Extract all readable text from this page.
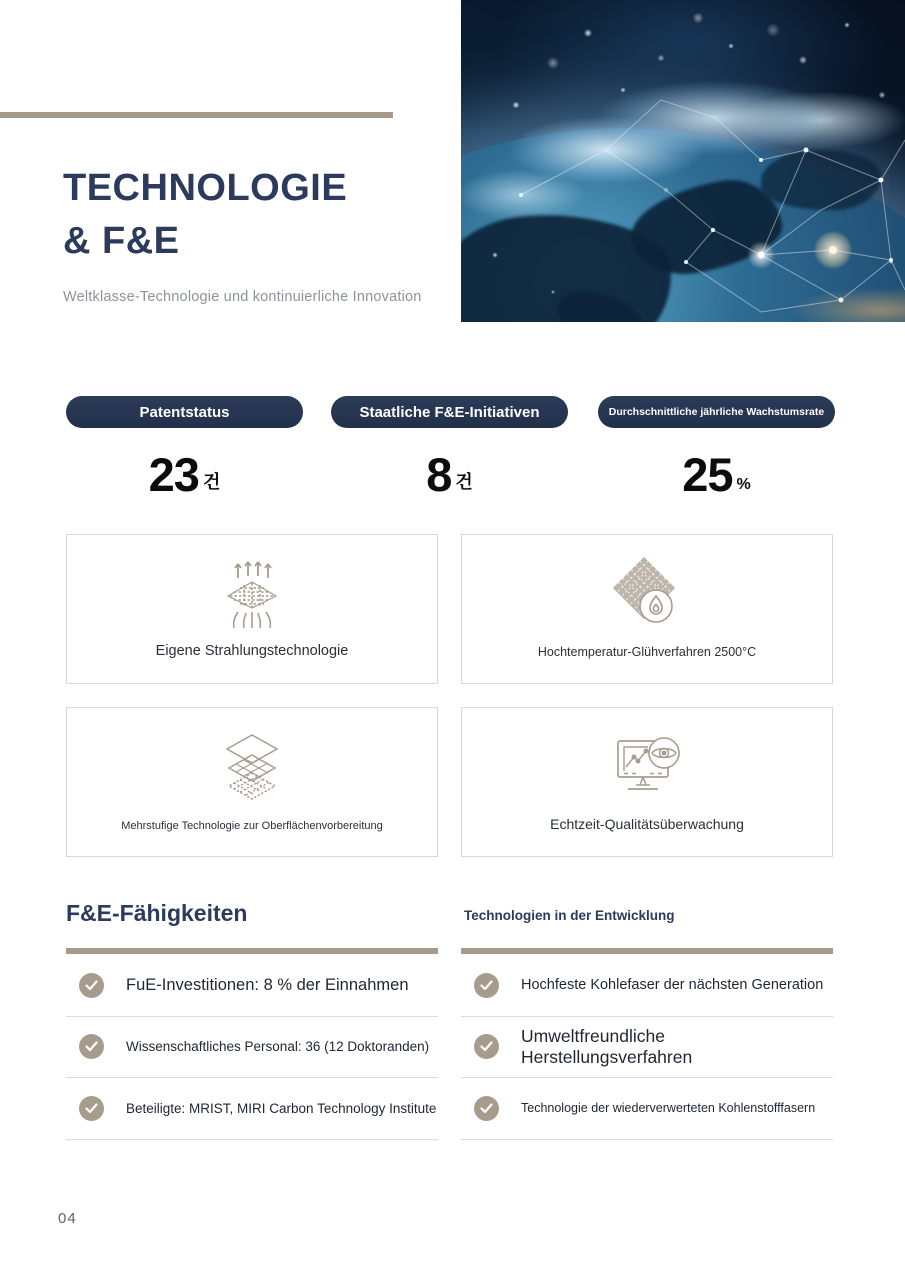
TECHNOLOGIE
& F&E

Weltklasse-Technologie und kontinuierliche Innovation

Patentstatus	Staatliche F&E-Initiativen	Durchschnittliche jährliche Wachstumsrate
23 건	8 건	25 %
Eigene Strahlungstechnologie	Hochtemperatur-Glühverfahren 2500°C
Mehrstufige Technologie zur Oberflächenvorbereitung	Echtzeit-Qualitätsüberwachung
F&E-Fähigkeiten
FuE-Investitionen: 8 % der Einnahmen
Wissenschaftliches Personal: 36 (12 Doktoranden)
Beteiligte: MRIST, MIRI Carbon Technology Institute
Technologien in der Entwicklung
Hochfeste Kohlefaser der nächsten Generation
Umweltfreundliche Herstellungsverfahren
Technologie der wiederverwerteten Kohlenstofffasern
04
